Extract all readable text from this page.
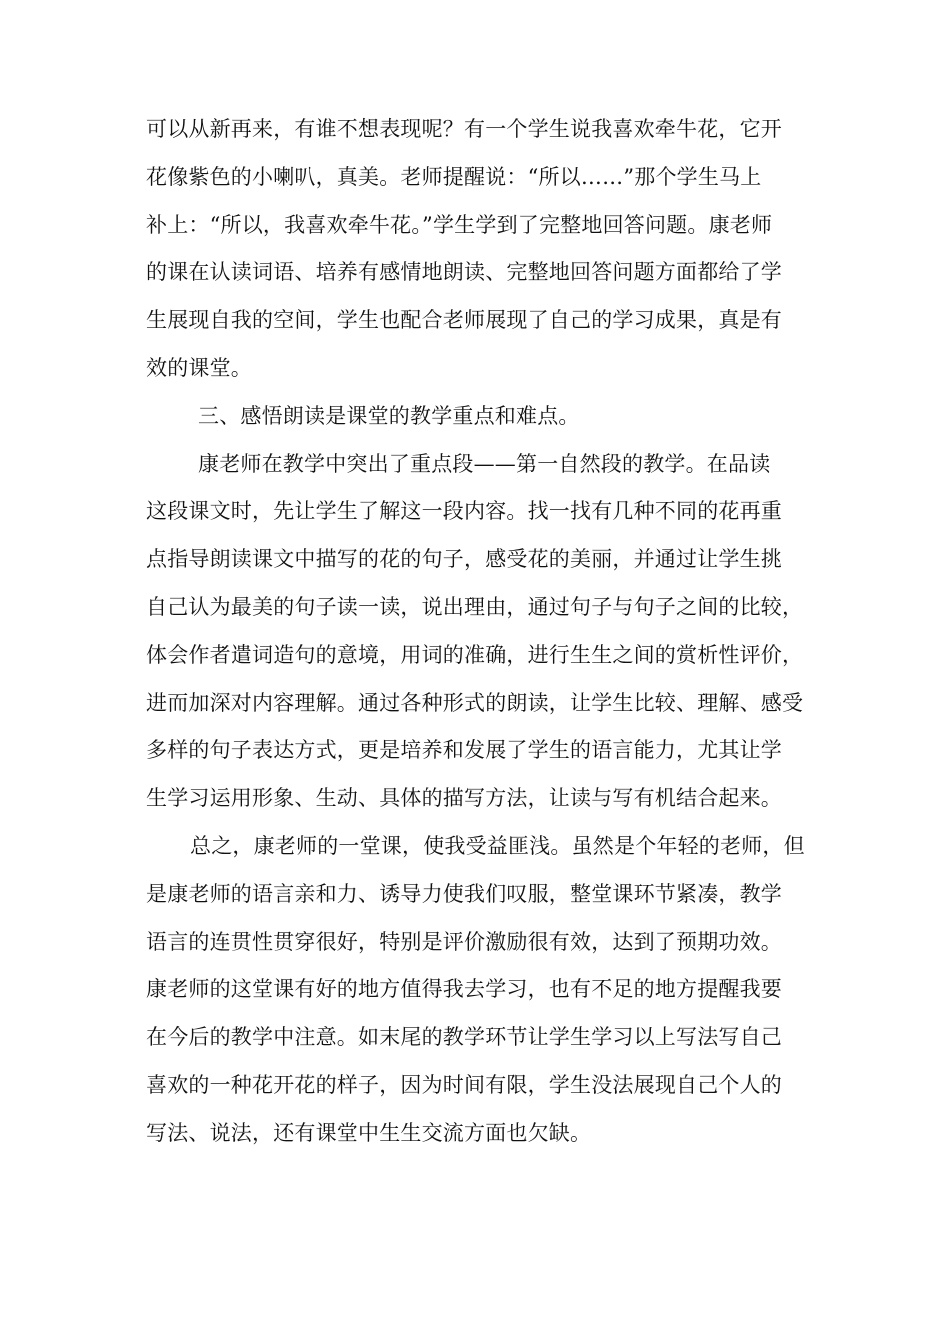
可以从新再来，有谁不想表现呢？有一个学生说我喜欢牵牛花，它开

花像紫色的小喇叭，真美。老师提醒说：“所以……”那个学生马上

补上：“所以，我喜欢牵牛花。”学生学到了完整地回答问题。康老师

的课在认读词语、培养有感情地朗读、完整地回答问题方面都给了学

生展现自我的空间，学生也配合老师展现了自己的学习成果，真是有

效的课堂。

三、感悟朗读是课堂的教学重点和难点。

康老师在教学中突出了重点段——第一自然段的教学。在品读

这段课文时，先让学生了解这一段内容。找一找有几种不同的花再重

点指导朗读课文中描写的花的句子，感受花的美丽，并通过让学生挑

自己认为最美的句子读一读，说出理由，通过句子与句子之间的比较，

体会作者遣词造句的意境，用词的准确，进行生生之间的赏析性评价，

进而加深对内容理解。通过各种形式的朗读，让学生比较、理解、感受

多样的句子表达方式，更是培养和发展了学生的语言能力，尤其让学

生学习运用形象、生动、具体的描写方法，让读与写有机结合起来。

总之，康老师的一堂课，使我受益匪浅。虽然是个年轻的老师，但

是康老师的语言亲和力、诱导力使我们叹服，整堂课环节紧凑，教学

语言的连贯性贯穿很好，特别是评价激励很有效，达到了预期功效。

康老师的这堂课有好的地方值得我去学习，也有不足的地方提醒我要

在今后的教学中注意。如末尾的教学环节让学生学习以上写法写自己

喜欢的一种花开花的样子，因为时间有限，学生没法展现自己个人的

写法、说法，还有课堂中生生交流方面也欠缺。
